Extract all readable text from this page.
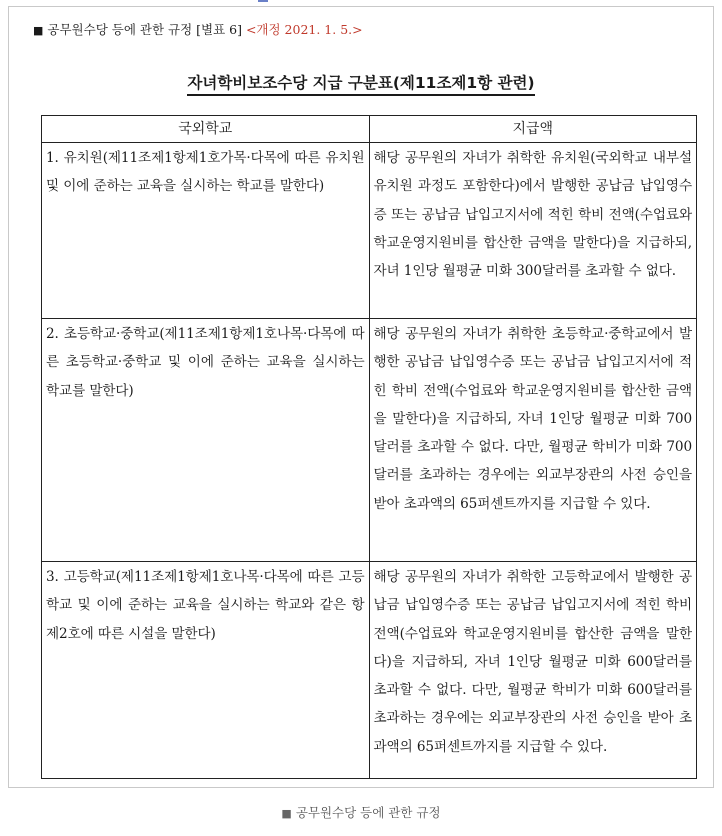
■ 공무원수당 등에 관한 규정 [별표 6] <개정 2021. 1. 5.>
자녀학비보조수당 지급 구분표(제11조제1항 관련)
국외학교	지급액
1. 유치원(제11조제1항제1호가목·다목에 따른 유치원 및 이에 준하는 교육을 실시하는 학교를 말한다)	해당 공무원의 자녀가 취학한 유치원(국외학교 내부설 유치원 과정도 포함한다)에서 발행한 공납금 납입영수증 또는 공납금 납입고지서에 적힌 학비 전액(수업료와 학교운영지원비를 합산한 금액을 말한다)을 지급하되, 자녀 1인당 월평균 미화 300달러를 초과할 수 없다.
2. 초등학교·중학교(제11조제1항제1호나목·다목에 따른 초등학교·중학교 및 이에 준하는 교육을 실시하는 학교를 말한다)	해당 공무원의 자녀가 취학한 초등학교·중학교에서 발행한 공납금 납입영수증 또는 공납금 납입고지서에 적힌 학비 전액(수업료와 학교운영지원비를 합산한 금액을 말한다)을 지급하되, 자녀 1인당 월평균 미화 700달러를 초과할 수 없다. 다만, 월평균 학비가 미화 700달러를 초과하는 경우에는 외교부장관의 사전 승인을 받아 초과액의 65퍼센트까지를 지급할 수 있다.
3. 고등학교(제11조제1항제1호나목·다목에 따른 고등학교 및 이에 준하는 교육을 실시하는 학교와 같은 항 제2호에 따른 시설을 말한다)	해당 공무원의 자녀가 취학한 고등학교에서 발행한 공납금 납입영수증 또는 공납금 납입고지서에 적힌 학비 전액(수업료와 학교운영지원비를 합산한 금액을 말한다)을 지급하되, 자녀 1인당 월평균 미화 600달러를 초과할 수 없다. 다만, 월평균 학비가 미화 600달러를 초과하는 경우에는 외교부장관의 사전 승인을 받아 초과액의 65퍼센트까지를 지급할 수 있다.
■ 공무원수당 등에 관한 규정
